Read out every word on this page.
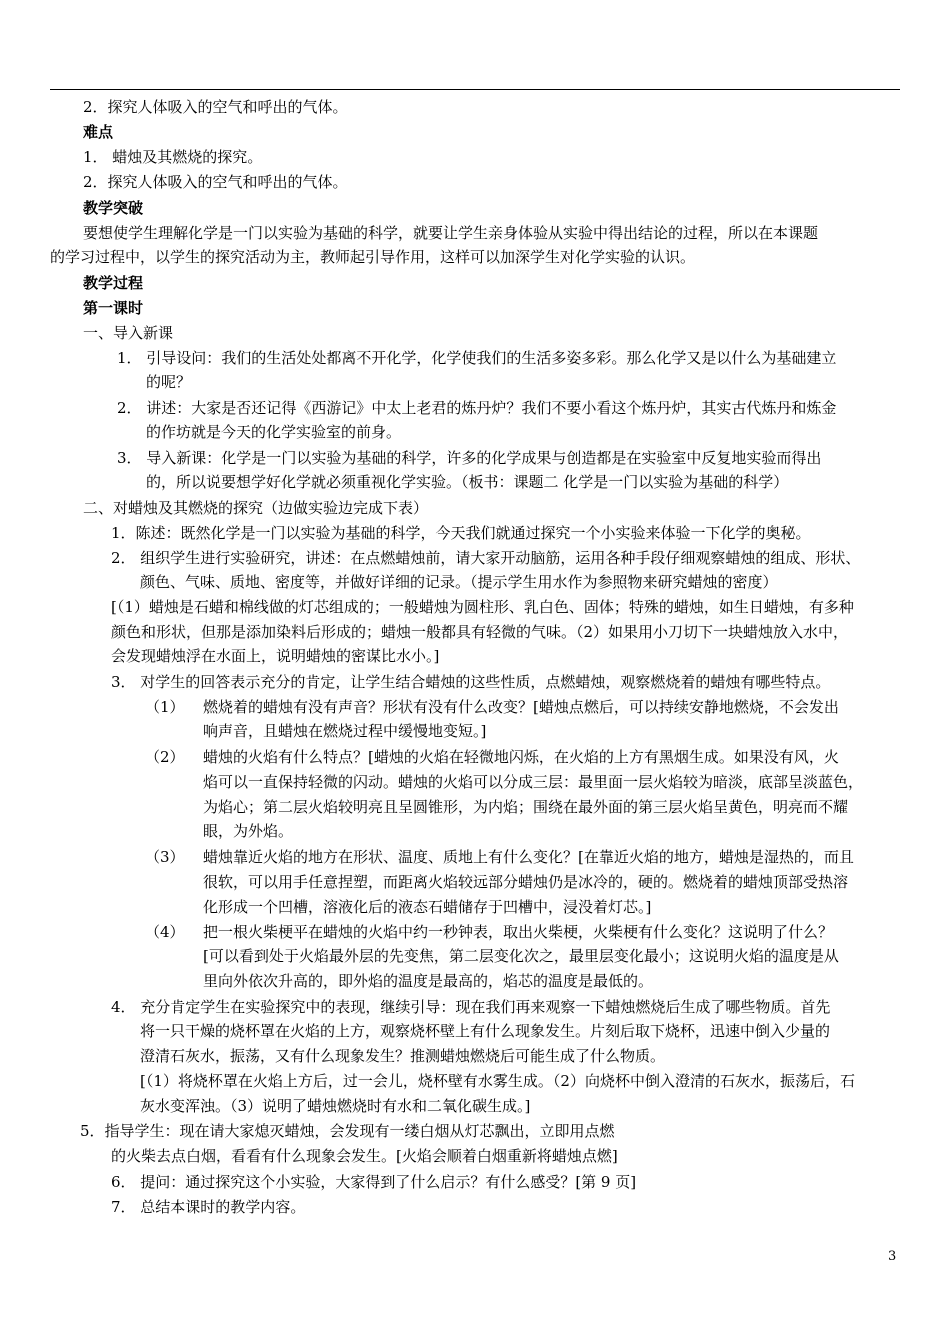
2．探究人体吸入的空气和呼出的气体。
难点
1． 蜡烛及其燃烧的探究。
2．探究人体吸入的空气和呼出的气体。
教学突破
要想使学生理解化学是一门以实验为基础的科学，就要让学生亲身体验从实验中得出结论的过程，所以在本课题
的学习过程中，以学生的探究活动为主，教师起引导作用，这样可以加深学生对化学实验的认识。
教学过程
第一课时
一、导入新课
1． 引导设问：我们的生活处处都离不开化学，化学使我们的生活多姿多彩。那么化学又是以什么为基础建立
的呢？
2． 讲述：大家是否还记得《西游记》中太上老君的炼丹炉？我们不要小看这个炼丹炉，其实古代炼丹和炼金
的作坊就是今天的化学实验室的前身。
3． 导入新课：化学是一门以实验为基础的科学，许多的化学成果与创造都是在实验室中反复地实验而得出
的，所以说要想学好化学就必须重视化学实验。（板书：课题二 化学是一门以实验为基础的科学）
二、对蜡烛及其燃烧的探究（边做实验边完成下表）
1．陈述：既然化学是一门以实验为基础的科学，今天我们就通过探究一个小实验来体验一下化学的奥秘。
2． 组织学生进行实验研究，讲述：在点燃蜡烛前，请大家开动脑筋，运用各种手段仔细观察蜡烛的组成、形状、
颜色、气味、质地、密度等，并做好详细的记录。（提示学生用水作为参照物来研究蜡烛的密度）
[（1）蜡烛是石蜡和棉线做的灯芯组成的；一般蜡烛为圆柱形、乳白色、固体；特殊的蜡烛，如生日蜡烛，有多种
颜色和形状，但那是添加染料后形成的；蜡烛一般都具有轻微的气味。（2）如果用小刀切下一块蜡烛放入水中，
会发现蜡烛浮在水面上，说明蜡烛的密谋比水小。]
3． 对学生的回答表示充分的肯定，让学生结合蜡烛的这些性质，点燃蜡烛，观察燃烧着的蜡烛有哪些特点。
（1） 燃烧着的蜡烛有没有声音？形状有没有什么改变？[蜡烛点燃后，可以持续安静地燃烧，不会发出
响声音，且蜡烛在燃烧过程中缓慢地变短。]
（2） 蜡烛的火焰有什么特点？[蜡烛的火焰在轻微地闪烁，在火焰的上方有黑烟生成。如果没有风，火
焰可以一直保持轻微的闪动。蜡烛的火焰可以分成三层：最里面一层火焰较为暗淡，底部呈淡蓝色，
为焰心；第二层火焰较明亮且呈圆锥形，为内焰；围绕在最外面的第三层火焰呈黄色，明亮而不耀
眼，为外焰。
（3） 蜡烛靠近火焰的地方在形状、温度、质地上有什么变化？[在靠近火焰的地方，蜡烛是湿热的，而且
很软，可以用手任意捏塑，而距离火焰较远部分蜡烛仍是冰冷的，硬的。燃烧着的蜡烛顶部受热溶
化形成一个凹槽，溶液化后的液态石蜡储存于凹槽中，浸没着灯芯。]
（4） 把一根火柴梗平在蜡烛的火焰中约一秒钟表，取出火柴梗，火柴梗有什么变化？这说明了什么？
[可以看到处于火焰最外层的先变焦，第二层变化次之，最里层变化最小；这说明火焰的温度是从
里向外依次升高的，即外焰的温度是最高的，焰芯的温度是最低的。
4． 充分肯定学生在实验探究中的表现，继续引导：现在我们再来观察一下蜡烛燃烧后生成了哪些物质。首先
将一只干燥的烧杯罩在火焰的上方，观察烧杯壁上有什么现象发生。片刻后取下烧杯，迅速中倒入少量的
澄清石灰水，振荡，又有什么现象发生？推测蜡烛燃烧后可能生成了什么物质。
[（1）将烧杯罩在火焰上方后，过一会儿，烧杯壁有水雾生成。（2）向烧杯中倒入澄清的石灰水，振荡后，石
灰水变浑浊。（3）说明了蜡烛燃烧时有水和二氧化碳生成。]
5．指导学生：现在请大家熄灭蜡烛，会发现有一缕白烟从灯芯飘出，立即用点燃
的火柴去点白烟，看看有什么现象会发生。[火焰会顺着白烟重新将蜡烛点燃]
6． 提问：通过探究这个小实验，大家得到了什么启示？有什么感受？[第 9 页]
7． 总结本课时的教学内容。
3
